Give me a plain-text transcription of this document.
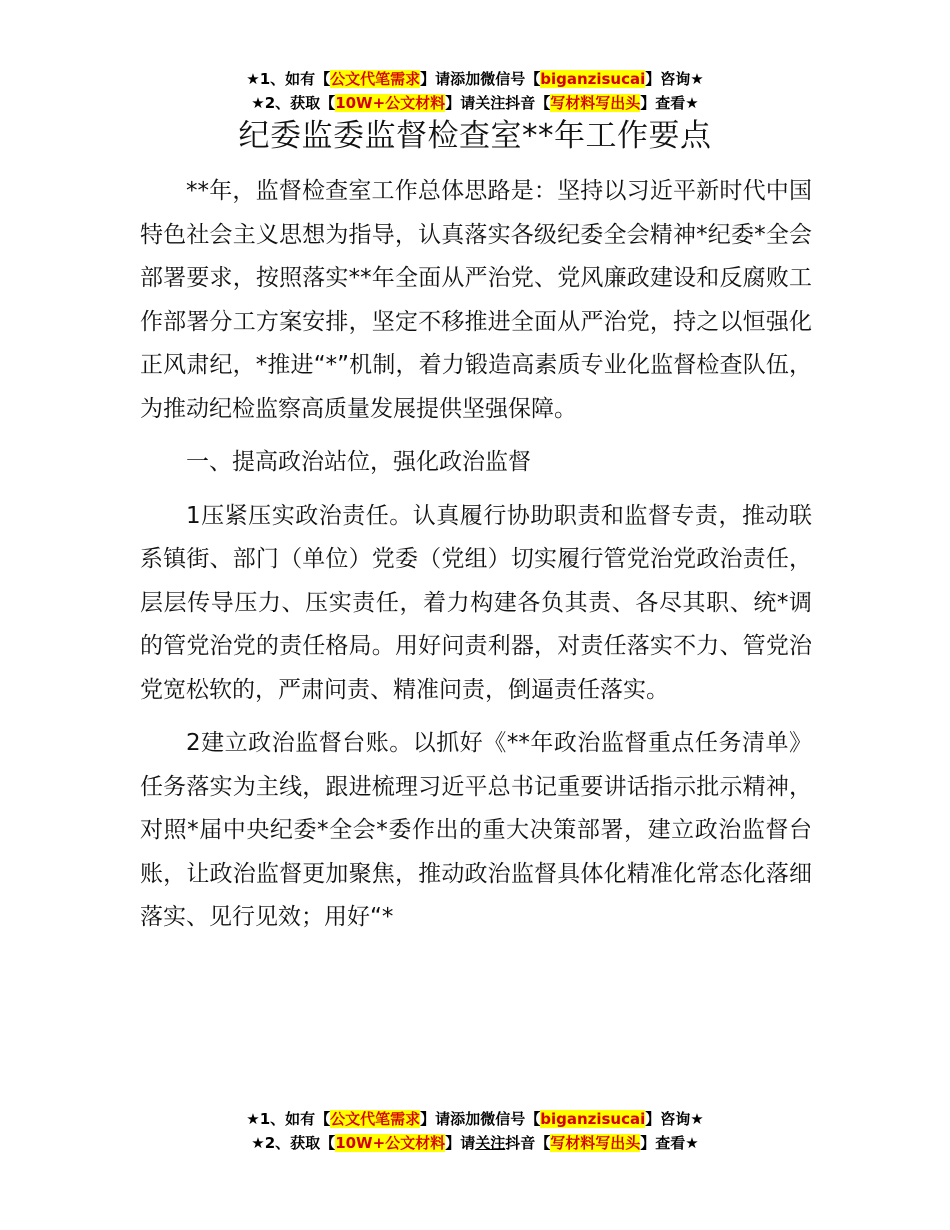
★1、如有【公文代笔需求】请添加微信号【biganzisucai】咨询★
★2、获取【10W+公文材料】请关注抖音【写材料写出头】查看★
纪委监委监督检查室**年工作要点

**年，监督检查室工作总体思路是：坚持以习近平新时代中国特色社会主义思想为指导，认真落实各级纪委全会精神*纪委*全会部署要求，按照落实**年全面从严治党、党风廉政建设和反腐败工作部署分工方案安排，坚定不移推进全面从严治党，持之以恒强化正风肃纪，*推进“*”机制，着力锻造高素质专业化监督检查队伍，为推动纪检监察高质量发展提供坚强保障。

一、提高政治站位，强化政治监督

1压紧压实政治责任。认真履行协助职责和监督专责，推动联系镇街、部门（单位）党委（党组）切实履行管党治党政治责任，层层传导压力、压实责任，着力构建各负其责、各尽其职、统*调的管党治党的责任格局。用好问责利器，对责任落实不力、管党治党宽松软的，严肃问责、精准问责，倒逼责任落实。

2建立政治监督台账。以抓好《**年政治监督重点任务清单》任务落实为主线，跟进梳理习近平总书记重要讲话指示批示精神，对照*届中央纪委*全会*委作出的重大决策部署，建立政治监督台账，让政治监督更加聚焦，推动政治监督具体化精准化常态化落细落实、见行见效；用好“*

★1、如有【公文代笔需求】请添加微信号【biganzisucai】咨询★
★2、获取【10W+公文材料】请关注抖音【写材料写出头】查看★
